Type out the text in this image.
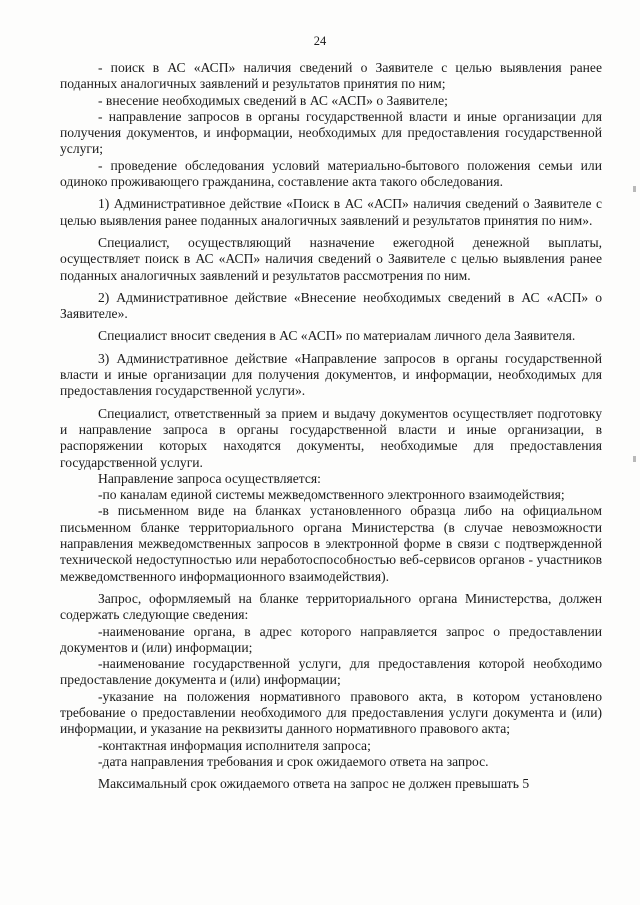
24

- поиск в АС «АСП» наличия сведений о Заявителе с целью выявления ранее поданных аналогичных заявлений и результатов принятия по ним;

- внесение необходимых сведений в АС «АСП» о Заявителе;

- направление запросов в органы государственной власти и иные организации для получения документов, и информации, необходимых для предоставления государственной услуги;

- проведение обследования условий материально-бытового положения семьи или одиноко проживающего гражданина, составление акта такого обследования.

1) Административное действие «Поиск в АС «АСП» наличия сведений о Заявителе с целью выявления ранее поданных аналогичных заявлений и результатов принятия по ним».

Специалист, осуществляющий назначение ежегодной денежной выплаты, осуществляет поиск в АС «АСП» наличия сведений о Заявителе с целью выявления ранее поданных аналогичных заявлений и результатов рассмотрения по ним.

2) Административное действие «Внесение необходимых сведений в АС «АСП» о Заявителе».

Специалист вносит сведения в АС «АСП» по материалам личного дела Заявителя.

3) Административное действие «Направление запросов в органы государственной власти и иные организации для получения документов, и информации, необходимых для предоставления государственной услуги».

Специалист, ответственный за прием и выдачу документов осуществляет подготовку и направление запроса в органы государственной власти и иные организации, в распоряжении которых находятся документы, необходимые для предоставления государственной услуги.

Направление запроса осуществляется:

-по каналам единой системы межведомственного электронного взаимодействия;

-в письменном виде на бланках установленного образца либо на официальном письменном бланке территориального органа Министерства (в случае невозможности направления межведомственных запросов в электронной форме в связи с подтвержденной технической недоступностью или неработоспособностью веб-сервисов органов - участников межведомственного информационного взаимодействия).

Запрос, оформляемый на бланке территориального органа Министерства, должен содержать следующие сведения:

-наименование органа, в адрес которого направляется запрос о предоставлении документов и (или) информации;

-наименование государственной услуги, для предоставления которой необходимо предоставление документа и (или) информации;

-указание на положения нормативного правового акта, в котором установлено требование о предоставлении необходимого для предоставления услуги документа и (или) информации, и указание на реквизиты данного нормативного правового акта;

-контактная информация исполнителя запроса;

-дата направления требования и срок ожидаемого ответа на запрос.

Максимальный срок ожидаемого ответа на запрос не должен превышать 5
